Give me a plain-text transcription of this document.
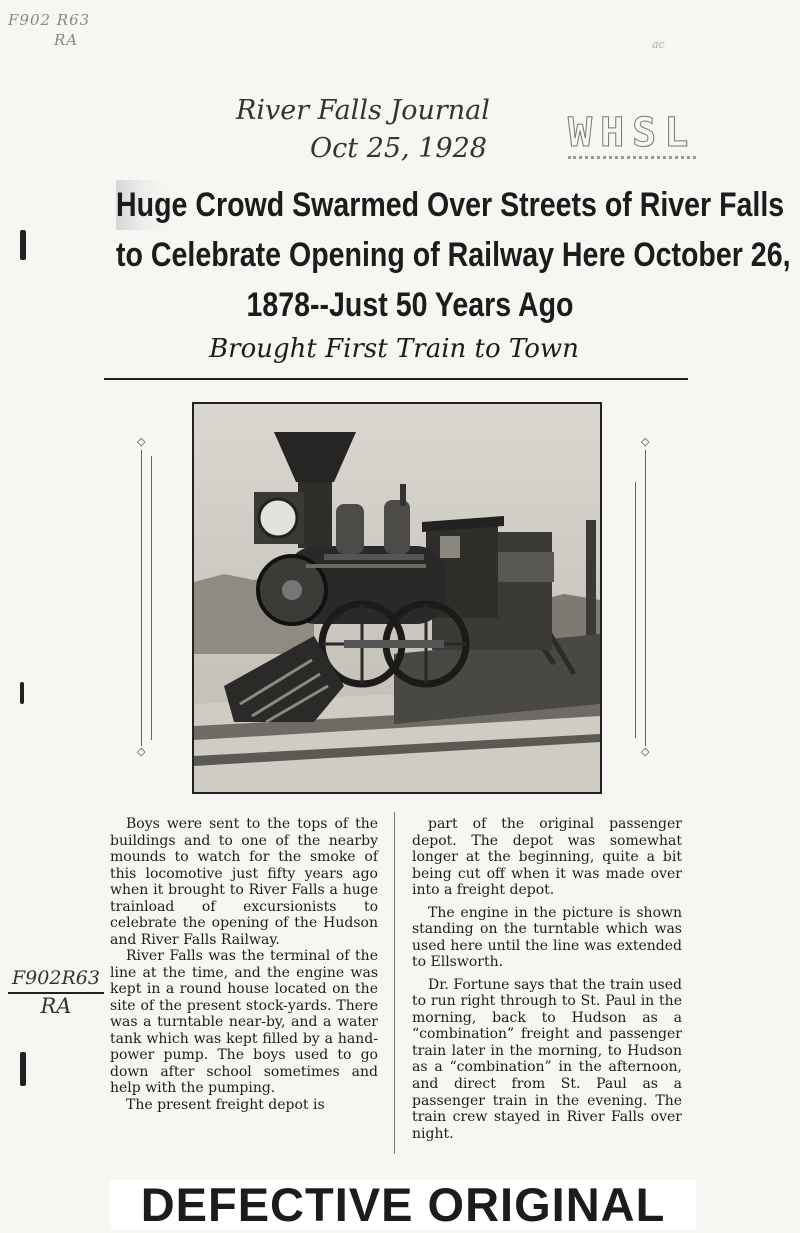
F902 R63
RA	ac
River Falls Journal
Oct 25, 1928	WHSL
Huge Crowd Swarmed Over Streets of River Falls
to Celebrate Opening of Railway Here October 26,
1878--Just 50 Years Ago
Brought First Train to Town
◇
◇
◇
◇

Boys were sent to the tops of the buildings and to one of the nearby mounds to watch for the smoke of this locomotive just fifty years ago when it brought to River Falls a huge trainload of excursionists to celebrate the opening of the Hudson and River Falls Railway.

River Falls was the terminal of the line at the time, and the engine was kept in a round house located on the site of the present stock-yards. There was a turntable near-by, and a water tank which was kept filled by a hand-power pump. The boys used to go down after school sometimes and help with the pumping.

The present freight depot is

part of the original passenger depot. The depot was somewhat longer at the beginning, quite a bit being cut off when it was made over into a freight depot.

The engine in the picture is shown standing on the turntable which was used here until the line was extended to Ellsworth.

Dr. Fortune says that the train used to run right through to St. Paul in the morning, back to Hudson as a “combination” freight and passenger train later in the morning, to Hudson as a “combination” in the afternoon, and direct from St. Paul as a passenger train in the evening. The train crew stayed in River Falls over night.

F902R63
RA
DEFECTIVE ORIGINAL
